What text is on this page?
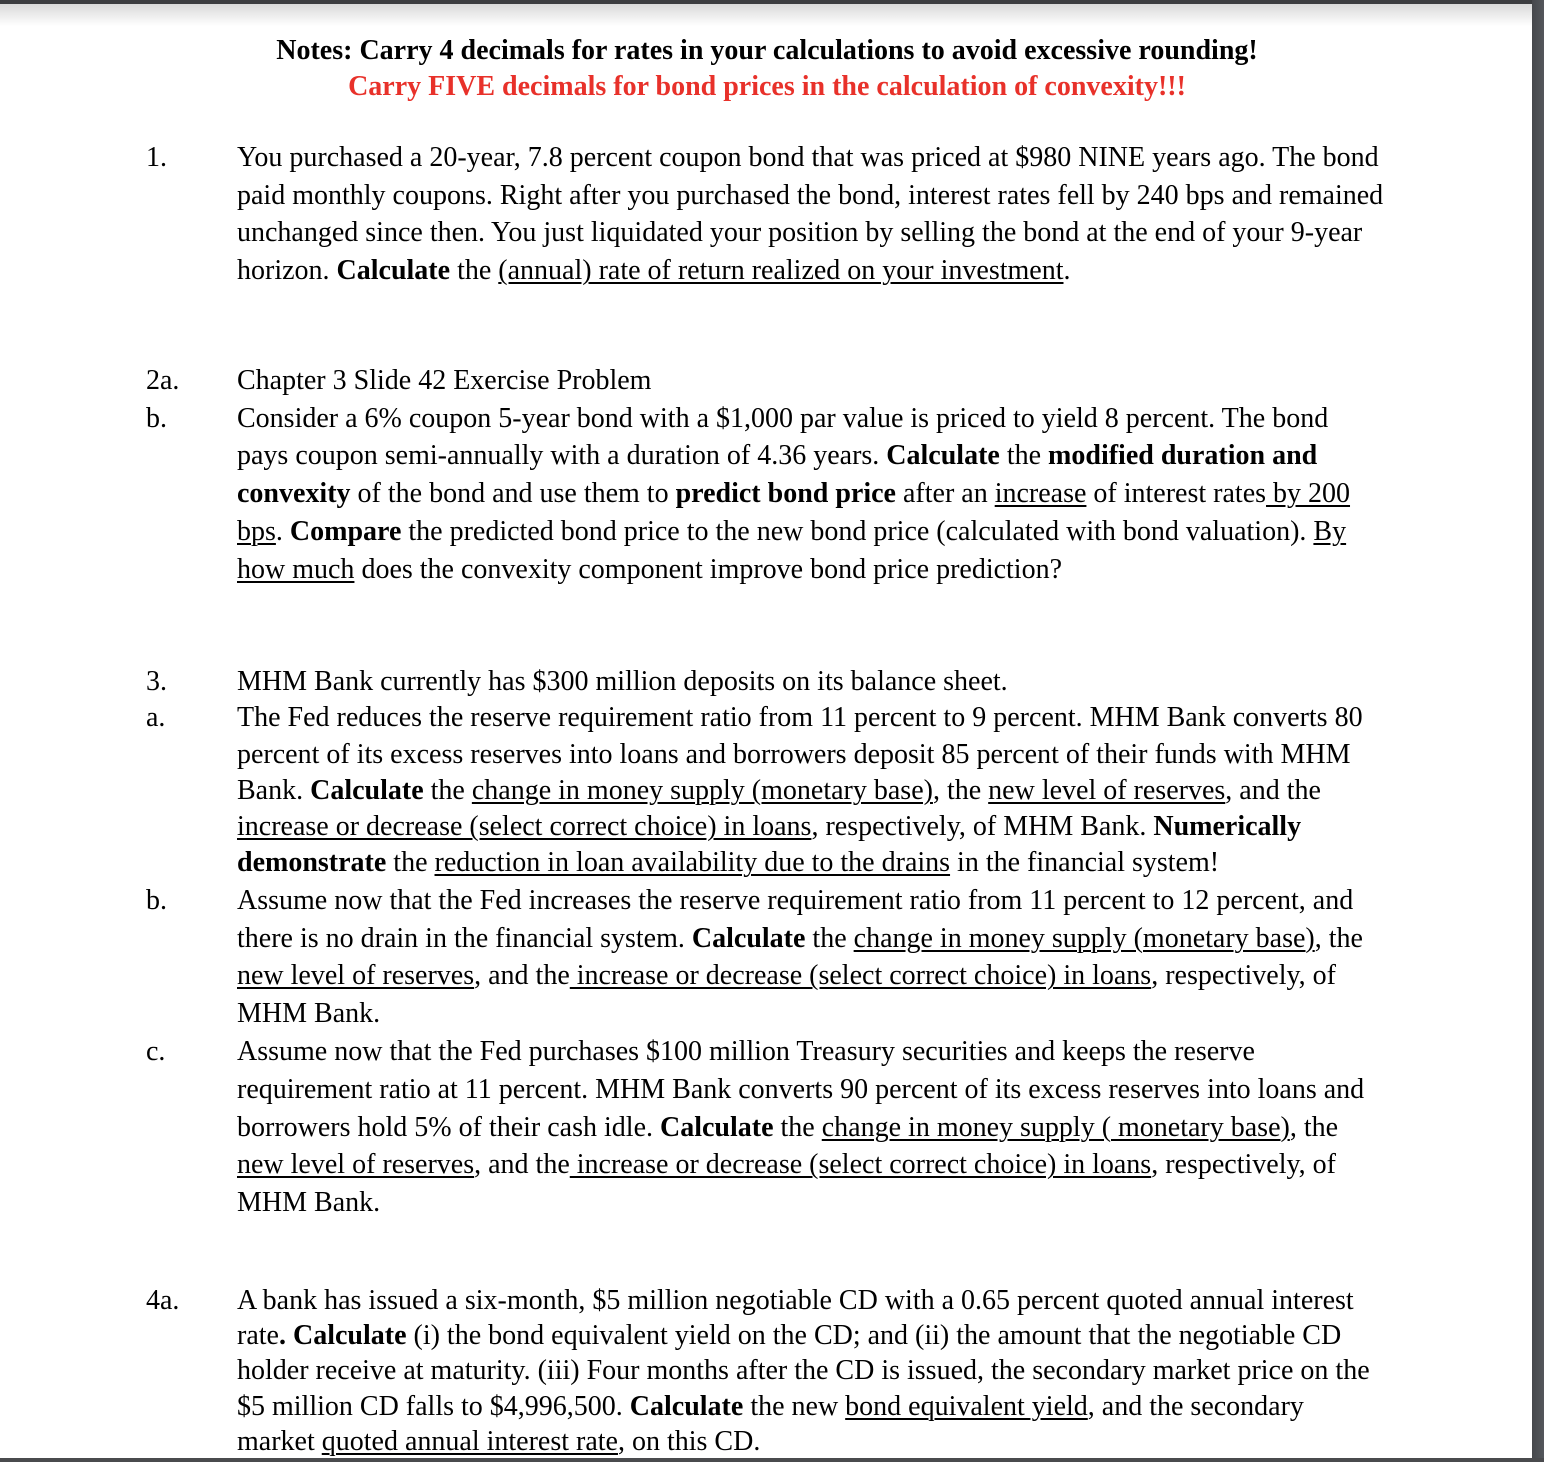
Notes: Carry 4 decimals for rates in your calculations to avoid excessive rounding!
Carry FIVE decimals for bond prices in the calculation of convexity!!!
1.	You purchased a 20-year, 7.8 percent coupon bond that was priced at $980 NINE years ago. The bond paid monthly coupons. Right after you purchased the bond, interest rates fell by 240 bps and remained unchanged since then. You just liquidated your position by selling the bond at the end of your 9-year horizon. Calculate the (annual) rate of return realized on your investment.
2a.	Chapter 3 Slide 42 Exercise Problem
b.	Consider a 6% coupon 5-year bond with a $1,000 par value is priced to yield 8 percent. The bond pays coupon semi-annually with a duration of 4.36 years. Calculate the modified duration and convexity of the bond and use them to predict bond price after an increase of interest rates by 200 bps. Compare the predicted bond price to the new bond price (calculated with bond valuation). By how much does the convexity component improve bond price prediction?
3.	MHM Bank currently has $300 million deposits on its balance sheet.
a.	The Fed reduces the reserve requirement ratio from 11 percent to 9 percent. MHM Bank converts 80 percent of its excess reserves into loans and borrowers deposit 85 percent of their funds with MHM Bank. Calculate the change in money supply (monetary base), the new level of reserves, and the increase or decrease (select correct choice) in loans, respectively, of MHM Bank. Numerically demonstrate the reduction in loan availability due to the drains in the financial system!
b.	Assume now that the Fed increases the reserve requirement ratio from 11 percent to 12 percent, and there is no drain in the financial system. Calculate the change in money supply (monetary base), the new level of reserves, and the increase or decrease (select correct choice) in loans, respectively, of MHM Bank.
c.	Assume now that the Fed purchases $100 million Treasury securities and keeps the reserve requirement ratio at 11 percent. MHM Bank converts 90 percent of its excess reserves into loans and borrowers hold 5% of their cash idle. Calculate the change in money supply ( monetary base), the new level of reserves, and the increase or decrease (select correct choice) in loans, respectively, of MHM Bank.
4a.	A bank has issued a six-month, $5 million negotiable CD with a 0.65 percent quoted annual interest rate. Calculate (i) the bond equivalent yield on the CD; and (ii) the amount that the negotiable CD holder receive at maturity. (iii) Four months after the CD is issued, the secondary market price on the $5 million CD falls to $4,996,500. Calculate the new bond equivalent yield, and the secondary market quoted annual interest rate, on this CD.
